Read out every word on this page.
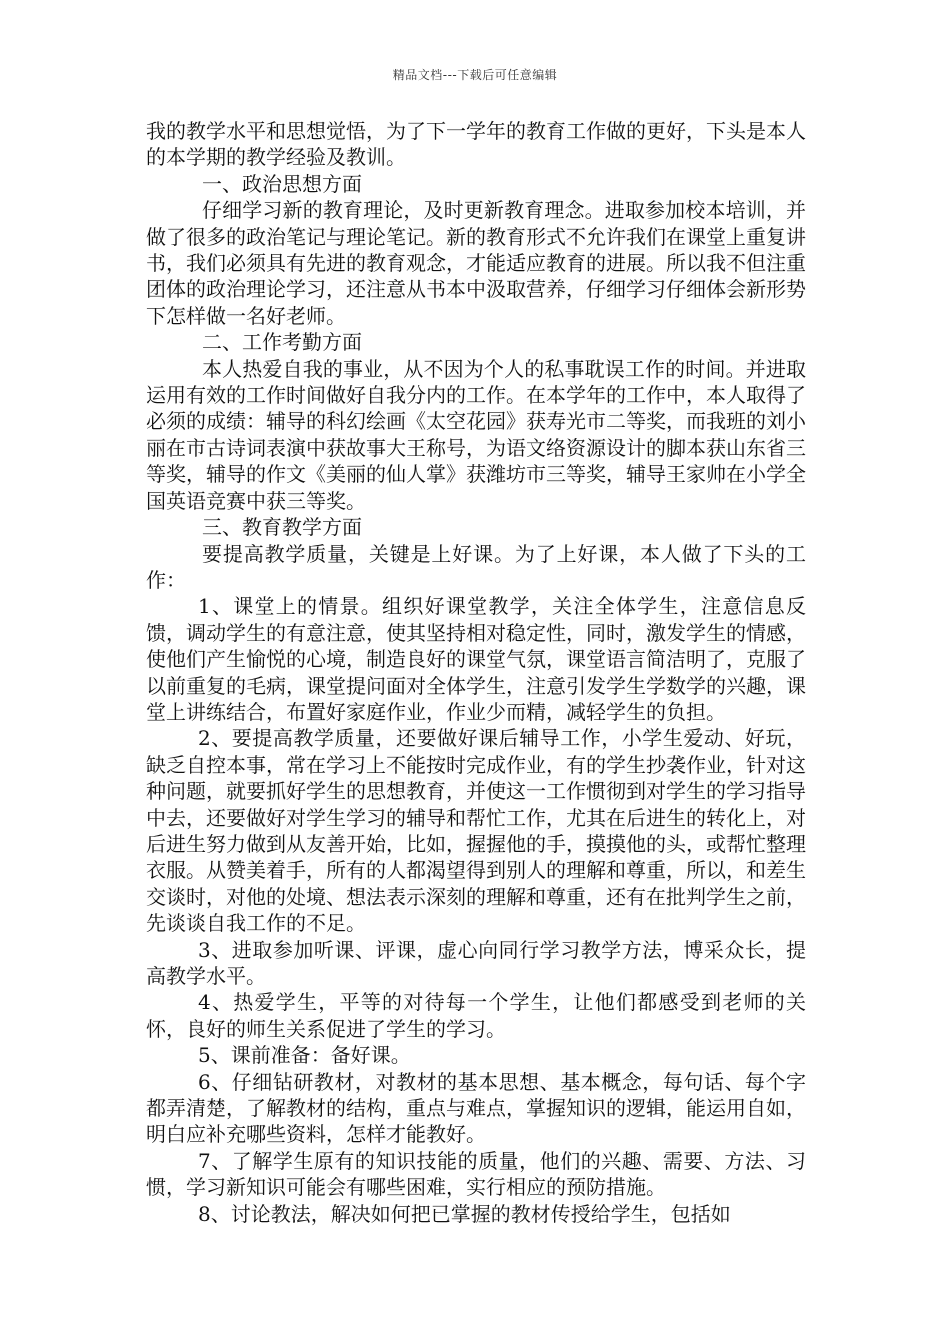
精品文档---下载后可任意编辑

我的教学水平和思想觉悟，为了下一学年的教育工作做的更好，下头是本人的本学期的教学经验及教训。

一、政治思想方面

仔细学习新的教育理论，及时更新教育理念。进取参加校本培训，并做了很多的政治笔记与理论笔记。新的教育形式不允许我们在课堂上重复讲书，我们必须具有先进的教育观念，才能适应教育的进展。所以我不但注重团体的政治理论学习，还注意从书本中汲取营养，仔细学习仔细体会新形势下怎样做一名好老师。

二、工作考勤方面

本人热爱自我的事业，从不因为个人的私事耽误工作的时间。并进取运用有效的工作时间做好自我分内的工作。在本学年的工作中，本人取得了必须的成绩：辅导的科幻绘画《太空花园》获寿光市二等奖，而我班的刘小丽在市古诗词表演中获故事大王称号，为语文络资源设计的脚本获山东省三等奖，辅导的作文《美丽的仙人掌》获潍坊市三等奖，辅导王家帅在小学全国英语竞赛中获三等奖。

三、教育教学方面

要提高教学质量，关键是上好课。为了上好课，本人做了下头的工作：

1、课堂上的情景。组织好课堂教学，关注全体学生，注意信息反馈，调动学生的有意注意，使其坚持相对稳定性，同时，激发学生的情感，使他们产生愉悦的心境，制造良好的课堂气氛，课堂语言简洁明了，克服了以前重复的毛病，课堂提问面对全体学生，注意引发学生学数学的兴趣，课堂上讲练结合，布置好家庭作业，作业少而精，减轻学生的负担。

2、要提高教学质量，还要做好课后辅导工作，小学生爱动、好玩，缺乏自控本事，常在学习上不能按时完成作业，有的学生抄袭作业，针对这种问题，就要抓好学生的思想教育，并使这一工作惯彻到对学生的学习指导中去，还要做好对学生学习的辅导和帮忙工作，尤其在后进生的转化上，对后进生努力做到从友善开始，比如，握握他的手，摸摸他的头，或帮忙整理衣服。从赞美着手，所有的人都渴望得到别人的理解和尊重，所以，和差生交谈时，对他的处境、想法表示深刻的理解和尊重，还有在批判学生之前，先谈谈自我工作的不足。

3、进取参加听课、评课，虚心向同行学习教学方法，博采众长，提高教学水平。

4、热爱学生，平等的对待每一个学生，让他们都感受到老师的关怀，良好的师生关系促进了学生的学习。

5、课前准备：备好课。

6、仔细钻研教材，对教材的基本思想、基本概念，每句话、每个字都弄清楚，了解教材的结构，重点与难点，掌握知识的逻辑，能运用自如，明白应补充哪些资料，怎样才能教好。

7、了解学生原有的知识技能的质量，他们的兴趣、需要、方法、习惯，学习新知识可能会有哪些困难，实行相应的预防措施。

8、讨论教法，解决如何把已掌握的教材传授给学生，包括如
